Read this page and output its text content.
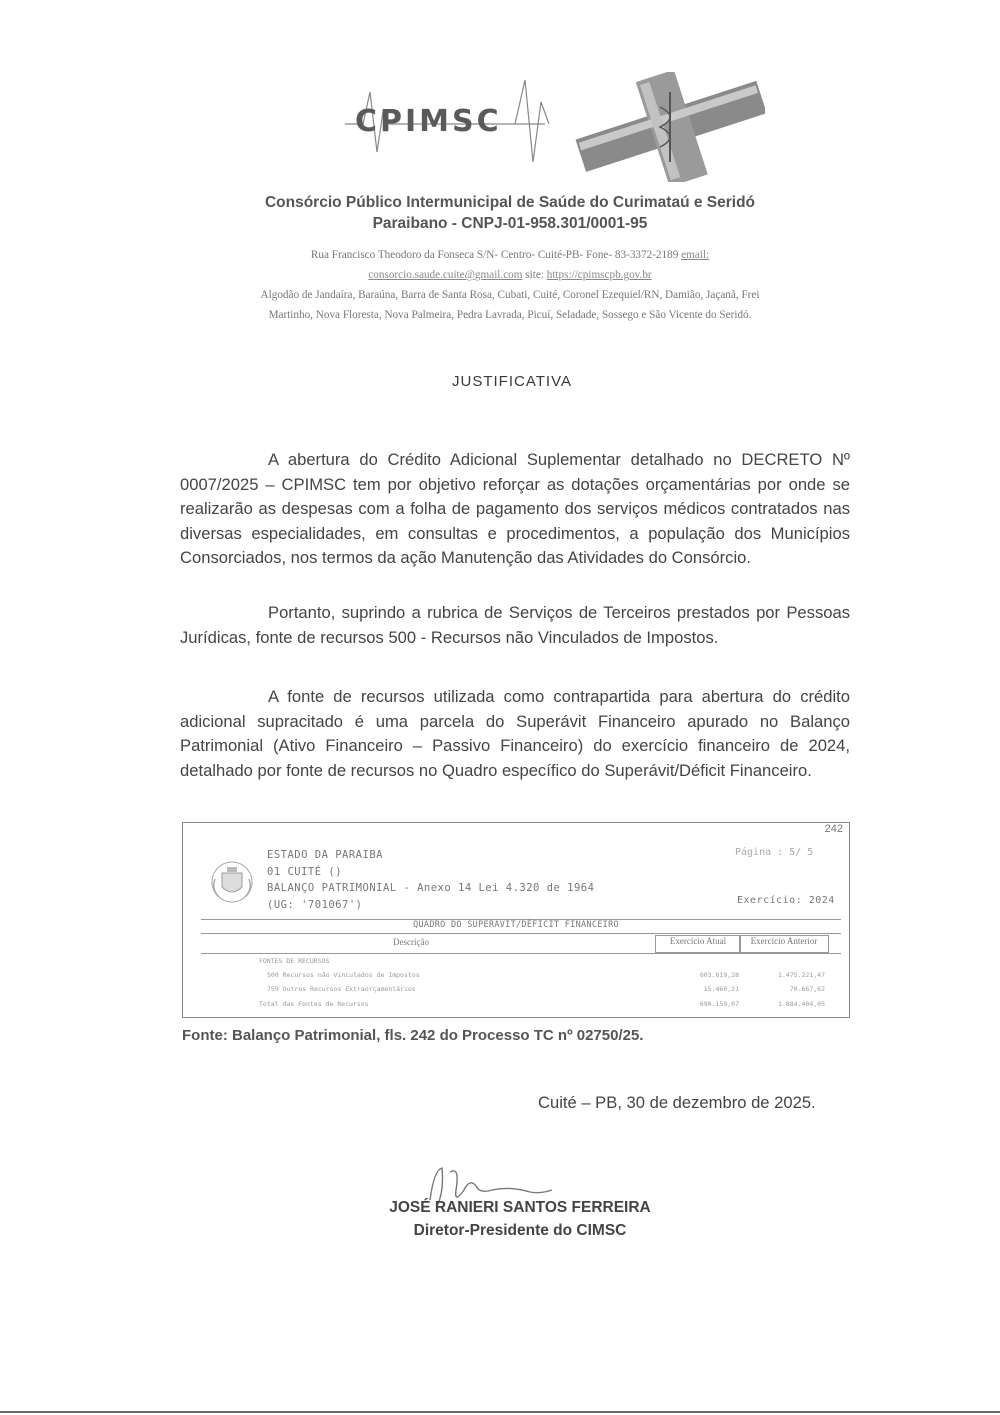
CPIMSC
Consórcio Público Intermunicipal de Saúde do Curimataú e Seridó
Paraibano - CNPJ-01-958.301/0001-95
Rua Francisco Theodoro da Fonseca S/N- Centro- Cuité-PB- Fone- 83-3372-2189 email:
consorcio.saude.cuite@gmail.com site: https://cpimscpb.gov.br
Algodão de Jandaíra, Baraúna, Barra de Santa Rosa, Cubati, Cuité, Coronel Ezequiel/RN, Damião, Jaçanã, Frei
Martinho, Nova Floresta, Nova Palmeira, Pedra Lavrada, Picuí, Seladade, Sossego e São Vicente do Seridó.
JUSTIFICATIVA
A abertura do Crédito Adicional Suplementar detalhado no DECRETO Nº 0007/2025 – CPIMSC tem por objetivo reforçar as dotações orçamentárias por onde se realizarão as despesas com a folha de pagamento dos serviços médicos contratados nas diversas especialidades, em consultas e procedimentos, a população dos Municípios Consorciados, nos termos da ação Manutenção das Atividades do Consórcio.
Portanto, suprindo a rubrica de Serviços de Terceiros prestados por Pessoas Jurídicas, fonte de recursos 500 - Recursos não Vinculados de Impostos.
A fonte de recursos utilizada como contrapartida para abertura do crédito adicional supracitado é uma parcela do Superávit Financeiro apurado no Balanço Patrimonial (Ativo Financeiro – Passivo Financeiro) do exercício financeiro de 2024, detalhado por fonte de recursos no Quadro específico do Superávit/Déficit Financeiro.
242
ESTADO DA PARAIBA
01 CUITÉ ()
BALANÇO PATRIMONIAL - Anexo 14 Lei 4.320 de 1964
(UG: '701067')
Página : 5/ 5
Exercício: 2024
QUADRO DO SUPERAVIT/DÉFICIT FINANCEIRO
Descrição	Exercício Atual	Exercício Anterior
FONTES DE RECURSOS
500 Recursos não Vinculados de Impostos	603.619,28	1.475.221,47
759 Outros Recursos Extraorçamentários	15.460,21	70.667,62
Total das Fontes de Recursos	690.159,07	1.884.404,05
Fonte: Balanço Patrimonial, fls. 242 do Processo TC nº 02750/25.
Cuité – PB, 30 de dezembro de 2025.
JOSÉ RANIERI SANTOS FERREIRA
Diretor-Presidente do CIMSC
